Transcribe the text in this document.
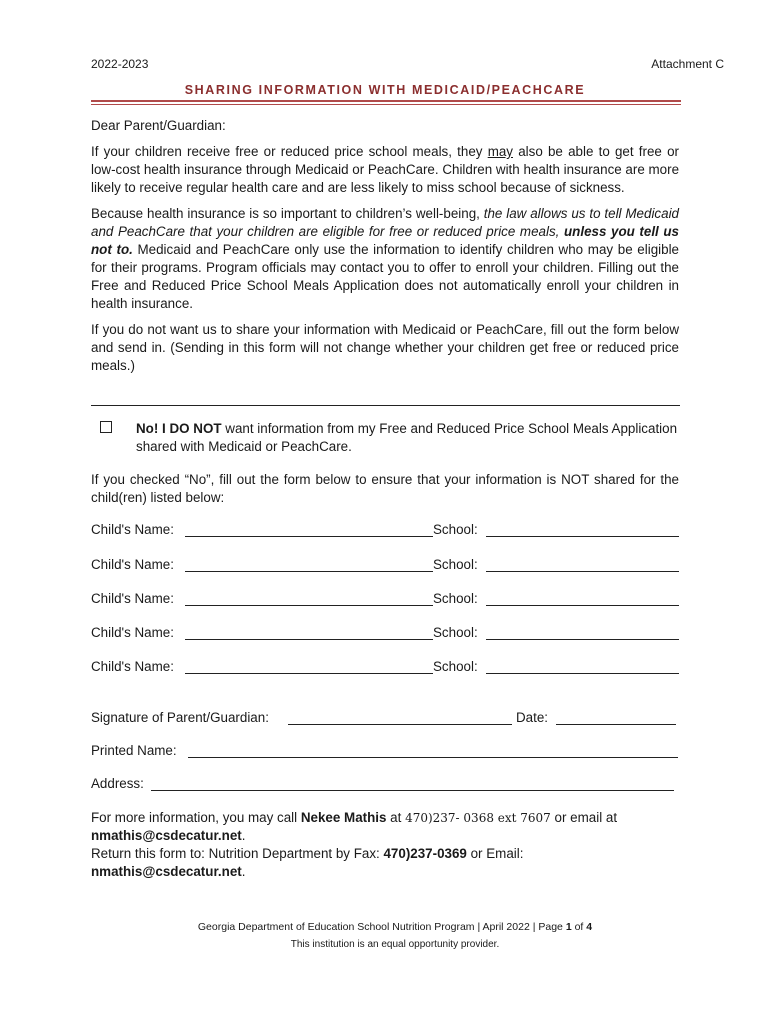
2022-2023	Attachment C
SHARING INFORMATION WITH MEDICAID/PEACHCARE

Dear Parent/Guardian:

If your children receive free or reduced price school meals, they may also be able to get free or low-cost health insurance through Medicaid or PeachCare. Children with health insurance are more likely to receive regular health care and are less likely to miss school because of sickness.

Because health insurance is so important to children’s well-being, the law allows us to tell Medicaid and PeachCare that your children are eligible for free or reduced price meals, unless you tell us not to. Medicaid and PeachCare only use the information to identify children who may be eligible for their programs. Program officials may contact you to offer to enroll your children. Filling out the Free and Reduced Price School Meals Application does not automatically enroll your children in health insurance.

If you do not want us to share your information with Medicaid or PeachCare, fill out the form below and send in. (Sending in this form will not change whether your children get free or reduced price meals.)

No! I DO NOT want information from my Free and Reduced Price School Meals Application shared with Medicaid or PeachCare.
If you checked “No”, fill out the form below to ensure that your information is NOT shared for the child(ren) listed below:
Child's Name:	School:
Child's Name:	School:
Child's Name:	School:
Child's Name:	School:
Child's Name:	School:
Signature of Parent/Guardian:	Date:
Printed Name:
Address:
For more information, you may call Nekee Mathis at 470)237- 0368 ext 7607 or email at
nmathis@csdecatur.net.
Return this form to: Nutrition Department by Fax: 470)237-0369 or Email:
nmathis@csdecatur.net.
Georgia Department of Education School Nutrition Program | April 2022 | Page 1 of 4
This institution is an equal opportunity provider.
